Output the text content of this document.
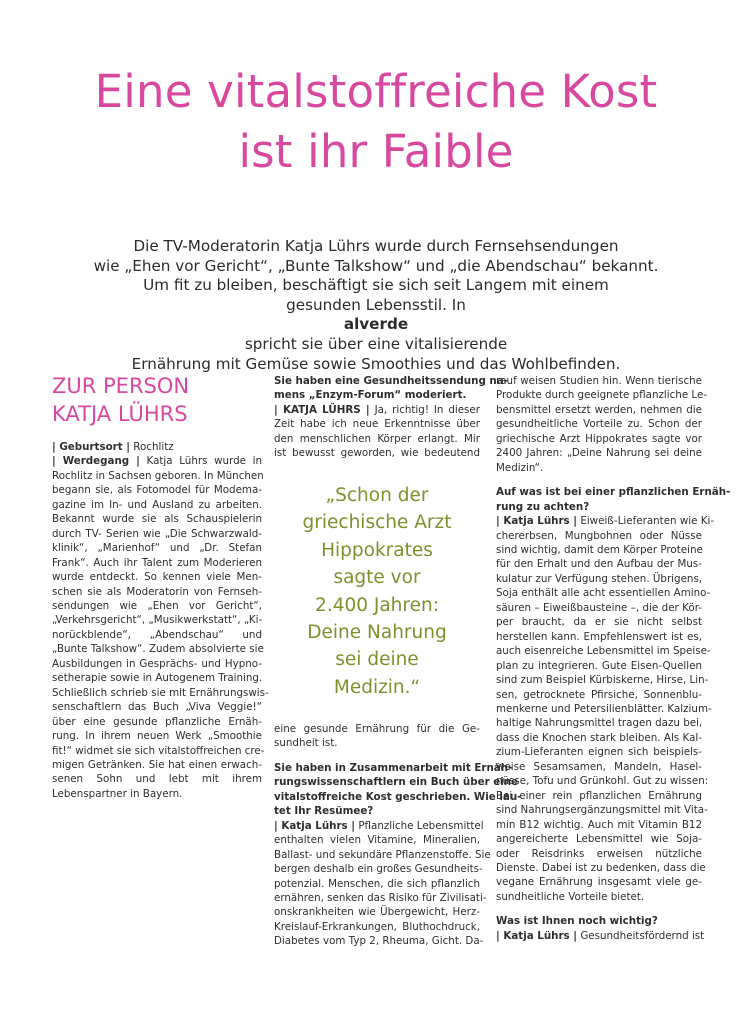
Eine vitalstoffreiche Kost
ist ihr Faible
Die TV-Moderatorin Katja Lührs wurde durch Fernsehsendungen
wie „Ehen vor Gericht“, „Bunte Talkshow“ und „die Abendschau“ bekannt.
Um fit zu bleiben, beschäftigt sie sich seit Langem mit einem
gesunden Lebensstil. In
alverde
spricht sie über eine vitalisierende
Ernährung mit Gemüse sowie Smoothies und das Wohlbefinden.
ZUR PERSON
KATJA LÜHRS

| Geburtsort | Rochlitz

| Werdegang | Katja Lührs wurde in

Rochlitz in Sachsen geboren. In München

begann sie, als Fotomodel für Modema-

gazine im In- und Ausland zu arbeiten.

Bekannt wurde sie als Schauspielerin

durch TV- Serien wie „Die Schwarzwald-

klinik“, „Marienhof“ und „Dr. Stefan

Frank“. Auch ihr Talent zum Moderieren

wurde entdeckt. So kennen viele Men-

schen sie als Moderatorin von Fernseh-

sendungen wie „Ehen vor Gericht“,

„Verkehrsgericht“, „Musikwerkstatt“, „Ki-

norückblende“, „Abendschau“ und

„Bunte Talkshow“. Zudem absolvierte sie

Ausbildungen in Gesprächs- und Hypno-

setherapie sowie in Autogenem Training.

Schließlich schrieb sie mit Ernährungswis-

senschaftlern das Buch „Viva Veggie!“

über eine gesunde pflanzliche Ernäh-

rung. In ihrem neuen Werk „Smoothie

fit!“ widmet sie sich vitalstoffreichen cre-

migen Getränken. Sie hat einen erwach-

senen Sohn und lebt mit ihrem

Lebenspartner in Bayern.

Sie haben eine Gesundheitssendung na-

mens „Enzym-Forum“ moderiert.

| KATJA LÜHRS | Ja, richtig! In dieser

Zeit habe ich neue Erkenntnisse über

den menschlichen Körper erlangt. Mir

ist bewusst geworden, wie bedeutend

„Schon der
griechische Arzt
Hippokrates
sagte vor
2.400 Jahren:
Deine Nahrung
sei deine
Medizin.“

eine gesunde Ernährung für die Ge-

sundheit ist.

Sie haben in Zusammenarbeit mit Ernäh-

rungswissenschaftlern ein Buch über eine

vitalstoffreiche Kost geschrieben. Wie lau-

tet Ihr Resümee?

| Katja Lührs | Pflanzliche Lebensmittel

enthalten vielen Vitamine, Mineralien,

Ballast- und sekundäre Pflanzenstoffe. Sie

bergen deshalb ein großes Gesundheits-

potenzial. Menschen, die sich pflanzlich

ernähren, senken das Risiko für Zivilisati-

onskrankheiten wie Übergewicht, Herz-

Kreislauf-Erkrankungen, Bluthochdruck,

Diabetes vom Typ 2, Rheuma, Gicht. Da-

rauf weisen Studien hin. Wenn tierische

Produkte durch geeignete pflanzliche Le-

bensmittel ersetzt werden, nehmen die

gesundheitliche Vorteile zu. Schon der

griechische Arzt Hippokrates sagte vor

2400 Jahren: „Deine Nahrung sei deine

Medizin“.

Auf was ist bei einer pflanzlichen Ernäh-

rung zu achten?

| Katja Lührs | Eiweiß-Lieferanten wie Ki-

chererbsen, Mungbohnen oder Nüsse

sind wichtig, damit dem Körper Proteine

für den Erhalt und den Aufbau der Mus-

kulatur zur Verfügung stehen. Übrigens,

Soja enthält alle acht essentiellen Amino-

säuren – Eiweißbausteine –, die der Kör-

per braucht, da er sie nicht selbst

herstellen kann. Empfehlenswert ist es,

auch eisenreiche Lebensmittel im Speise-

plan zu integrieren. Gute Eisen-Quellen

sind zum Beispiel Kürbiskerne, Hirse, Lin-

sen, getrocknete Pfirsiche, Sonnenblu-

menkerne und Petersilienblätter. Kalzium-

haltige Nahrungsmittel tragen dazu bei,

dass die Knochen stark bleiben. Als Kal-

zium-Lieferanten eignen sich beispiels-

weise Sesamsamen, Mandeln, Hasel-

nüsse, Tofu und Grünkohl. Gut zu wissen:

Bei einer rein pflanzlichen Ernährung

sind Nahrungsergänzungsmittel mit Vita-

min B12 wichtig. Auch mit Vitamin B12

angereicherte Lebensmittel wie Soja-

oder Reisdrinks erweisen nützliche

Dienste. Dabei ist zu bedenken, dass die

vegane Ernährung insgesamt viele ge-

sundheitliche Vorteile bietet.

Was ist Ihnen noch wichtig?

| Katja Lührs | Gesundheitsfördernd ist
